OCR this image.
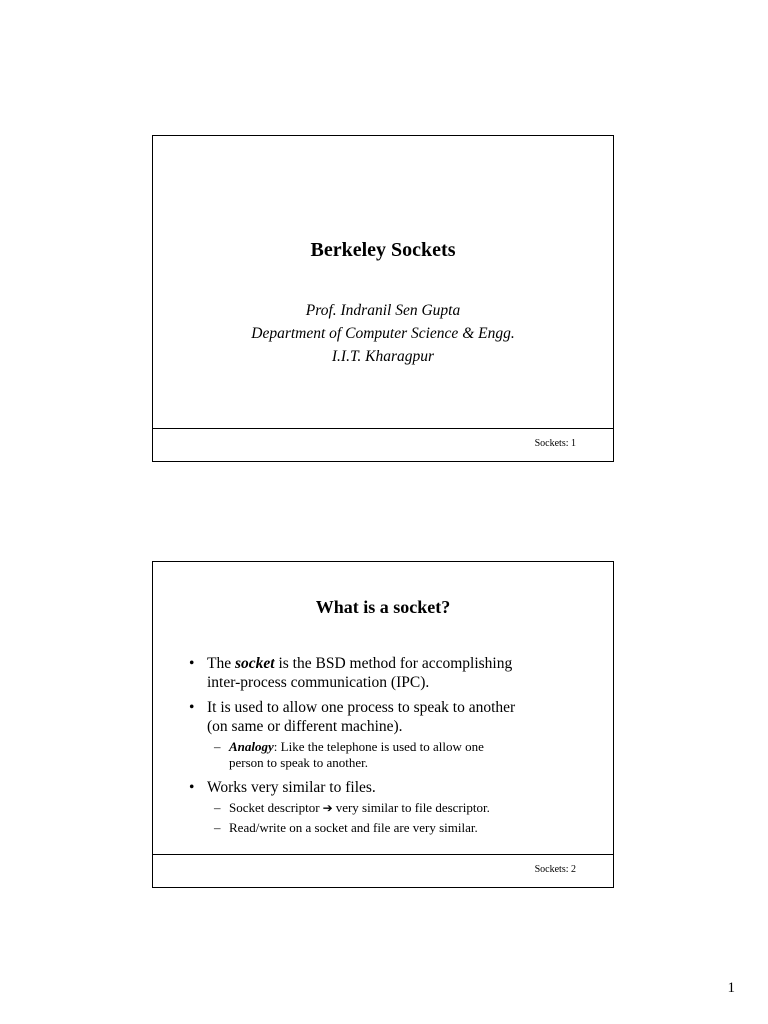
Berkeley Sockets
Prof. Indranil Sen Gupta
Department of Computer Science & Engg.
I.I.T. Kharagpur
Sockets: 1
What is a socket?
• The socket is the BSD method for accomplishing
inter-process communication (IPC).
• It is used to allow one process to speak to another
(on same or different machine).
– Analogy: Like the telephone is used to allow one
person to speak to another.
• Works very similar to files.
– Socket descriptor ➔ very similar to file descriptor.
– Read/write on a socket and file are very similar.
Sockets: 2
1
